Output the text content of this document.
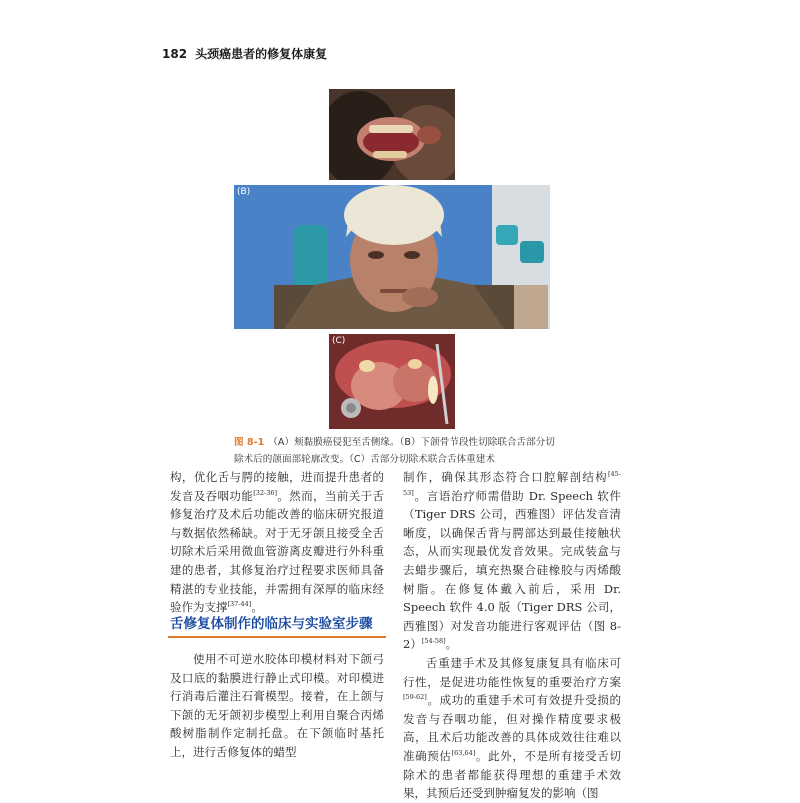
182 头颈癌患者的修复体康复
(B)
(C)
图 8-1 （A）颊黏膜癌侵犯至舌侧缘。（B）下颌骨节段性切除联合舌部分切除术后的颌面部轮廓改变。（C）舌部分切除术联合舌体重建术

构，优化舌与腭的接触，进而提升患者的发音及吞咽功能[32-36]。然而，当前关于舌修复治疗及术后功能改善的临床研究报道与数据依然稀缺。对于无牙颌且接受全舌切除术后采用微血管游离皮瓣进行外科重建的患者，其修复治疗过程要求医师具备精湛的专业技能，并需拥有深厚的临床经验作为支撑[37-44]。

舌修复体制作的临床与实验室步骤

使用不可逆水胶体印模材料对下颌弓及口底的黏膜进行静止式印模。对印模进行消毒后灌注石膏模型。接着，在上颌与下颌的无牙颌初步模型上利用自聚合丙烯酸树脂制作定制托盘。在下颌临时基托上，进行舌修复体的蜡型

制作，确保其形态符合口腔解剖结构[45-53]。言语治疗师需借助 Dr. Speech 软件（Tiger DRS 公司，西雅图）评估发音清晰度，以确保舌背与腭部达到最佳接触状态，从而实现最优发音效果。完成装盒与去蜡步骤后，填充热聚合硅橡胶与丙烯酸树脂。在修复体戴入前后，采用 Dr. Speech 软件 4.0 版（Tiger DRS 公司，西雅图）对发音功能进行客观评估（图 8-2）[54-58]。

舌重建手术及其修复康复具有临床可行性，是促进功能性恢复的重要治疗方案[59-62]。成功的重建手术可有效提升受损的发音与吞咽功能，但对操作精度要求极高，且术后功能改善的具体成效往往难以准确预估[63,64]。此外，不是所有接受舌切除术的患者都能获得理想的重建手术效果，其预后还受到肿瘤复发的影响（图
